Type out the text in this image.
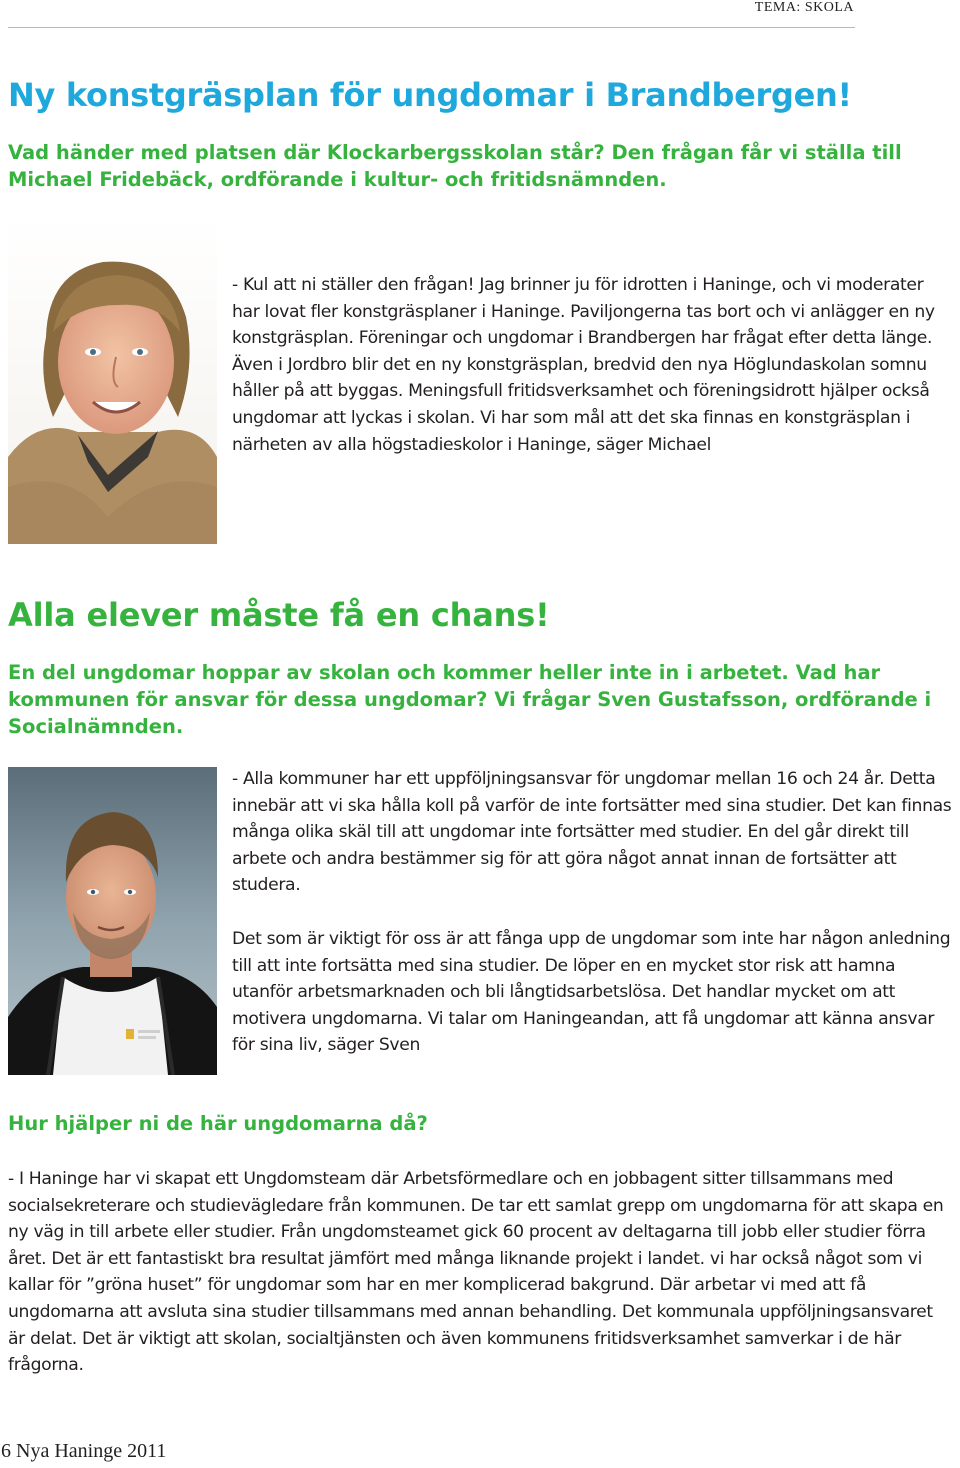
TEMA: SKOLA
Ny konstgräsplan för ungdomar i Brandbergen!

Vad händer med platsen där Klockarbergsskolan står? Den frågan får vi ställa till Michael Fridebäck, ordförande i kultur- och fritidsnämnden.

- Kul att ni ställer den frågan! Jag brinner ju för idrotten i Haninge, och vi moderater har lovat fler konstgräsplaner i Haninge. Paviljongerna tas bort och vi anlägger en ny konstgräsplan. Föreningar och ungdomar i Brandbergen har frågat efter detta länge. Även i Jordbro blir det en ny konstgräsplan, bredvid den nya Höglundaskolan somnu håller på att byggas. Meningsfull fritidsverksamhet och föreningsidrott hjälper också ungdomar att lyckas i skolan. Vi har som mål att det ska finnas en konstgräsplan i närheten av alla högstadieskolor i Haninge, säger Michael

Alla elever måste få en chans!

En del ungdomar hoppar av skolan och kommer heller inte in i arbetet. Vad har kommunen för ansvar för dessa ungdomar? Vi frågar Sven Gustafsson, ordförande i Socialnämnden.

- Alla kommuner har ett uppföljningsansvar för ungdomar mellan 16 och 24 år. Detta innebär att vi ska hålla koll på varför de inte fortsätter med sina studier. Det kan finnas många olika skäl till att ungdomar inte fortsätter med studier. En del går direkt till arbete och andra bestämmer sig för att göra något annat innan de fortsätter att studera.

Det som är viktigt för oss är att fånga upp de ungdomar som inte har någon anledning till att inte fortsätta med sina studier. De löper en en mycket stor risk att hamna utanför arbetsmarknaden och bli långtidsarbetslösa. Det handlar mycket om att motivera ungdomarna. Vi talar om Haningeandan, att få ungdomar att känna ansvar för sina liv, säger Sven

Hur hjälper ni de här ungdomarna då?

- I Haninge har vi skapat ett Ungdomsteam där Arbetsförmedlare och en jobbagent sitter tillsammans med socialsekreterare och studievägledare från kommunen. De tar ett samlat grepp om ungdomarna för att skapa en ny väg in till arbete eller studier. Från ungdomsteamet gick 60 procent av deltagarna till jobb eller studier förra året. Det är ett fantastiskt bra resultat jämfört med många liknande projekt i landet. vi har också något som vi kallar för ”gröna huset” för ungdomar som har en mer komplicerad bakgrund. Där arbetar vi med att få ungdomarna att avsluta sina studier tillsammans med annan behandling. Det kommunala uppföljningsansvaret är delat. Det är viktigt att skolan, socialtjänsten och även kommunens fritidsverksamhet samverkar i de här frågorna.

6 Nya Haninge 2011
